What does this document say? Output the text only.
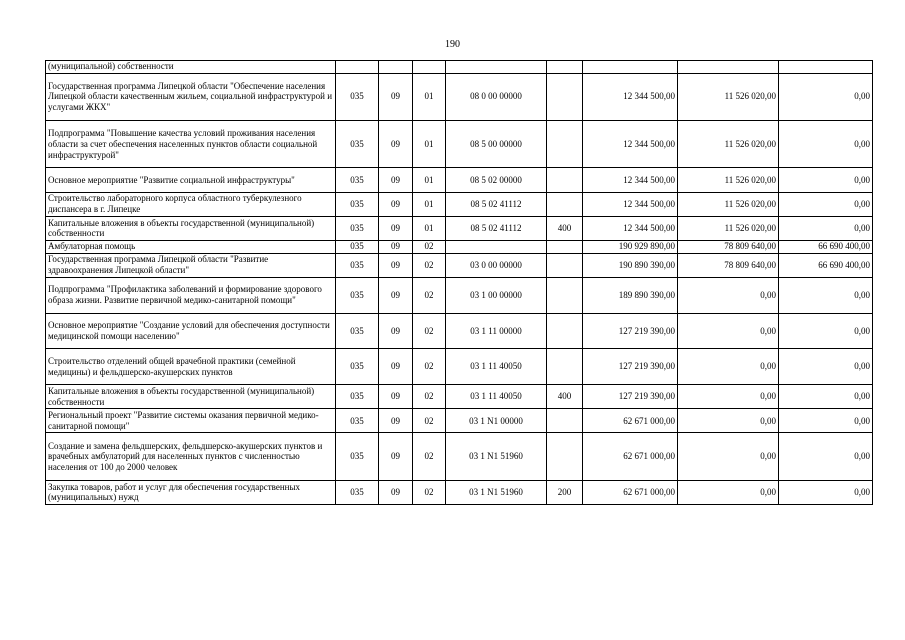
190
(муниципальной) собственности								
Государственная программа Липецкой области "Обеспечение населения Липецкой области качественным жильем, социальной инфраструктурой и услугами ЖКХ"	035	09	01	08 0 00 00000		12 344 500,00	11 526 020,00	0,00
Подпрограмма "Повышение качества условий проживания населения области за счет обеспечения населенных пунктов области социальной инфраструктурой"	035	09	01	08 5 00 00000		12 344 500,00	11 526 020,00	0,00
Основное мероприятие "Развитие социальной инфраструктуры"	035	09	01	08 5 02 00000		12 344 500,00	11 526 020,00	0,00
Строительство лабораторного корпуса областного туберкулезного диспансера в г. Липецке	035	09	01	08 5 02 41112		12 344 500,00	11 526 020,00	0,00
Капитальные вложения в объекты государственной (муниципальной) собственности	035	09	01	08 5 02 41112	400	12 344 500,00	11 526 020,00	0,00
Амбулаторная помощь	035	09	02			190 929 890,00	78 809 640,00	66 690 400,00
Государственная программа Липецкой области "Развитие здравоохранения Липецкой области"	035	09	02	03 0 00 00000		190 890 390,00	78 809 640,00	66 690 400,00
Подпрограмма "Профилактика заболеваний и формирование здорового образа жизни. Развитие первичной медико-санитарной помощи"	035	09	02	03 1 00 00000		189 890 390,00	0,00	0,00
Основное мероприятие "Создание условий для обеспечения доступности медицинской помощи населению"	035	09	02	03 1 11 00000		127 219 390,00	0,00	0,00
Строительство отделений общей врачебной практики (семейной медицины) и фельдшерско-акушерских пунктов	035	09	02	03 1 11 40050		127 219 390,00	0,00	0,00
Капитальные вложения в объекты государственной (муниципальной) собственности	035	09	02	03 1 11 40050	400	127 219 390,00	0,00	0,00
Региональный проект "Развитие системы оказания первичной медико-санитарной помощи"	035	09	02	03 1 N1 00000		62 671 000,00	0,00	0,00
Создание и замена фельдшерских, фельдшерско-акушерских пунктов и врачебных амбулаторий для населенных пунктов с численностью населения от 100 до 2000 человек	035	09	02	03 1 N1 51960		62 671 000,00	0,00	0,00
Закупка товаров, работ и услуг для обеспечения государственных (муниципальных) нужд	035	09	02	03 1 N1 51960	200	62 671 000,00	0,00	0,00
